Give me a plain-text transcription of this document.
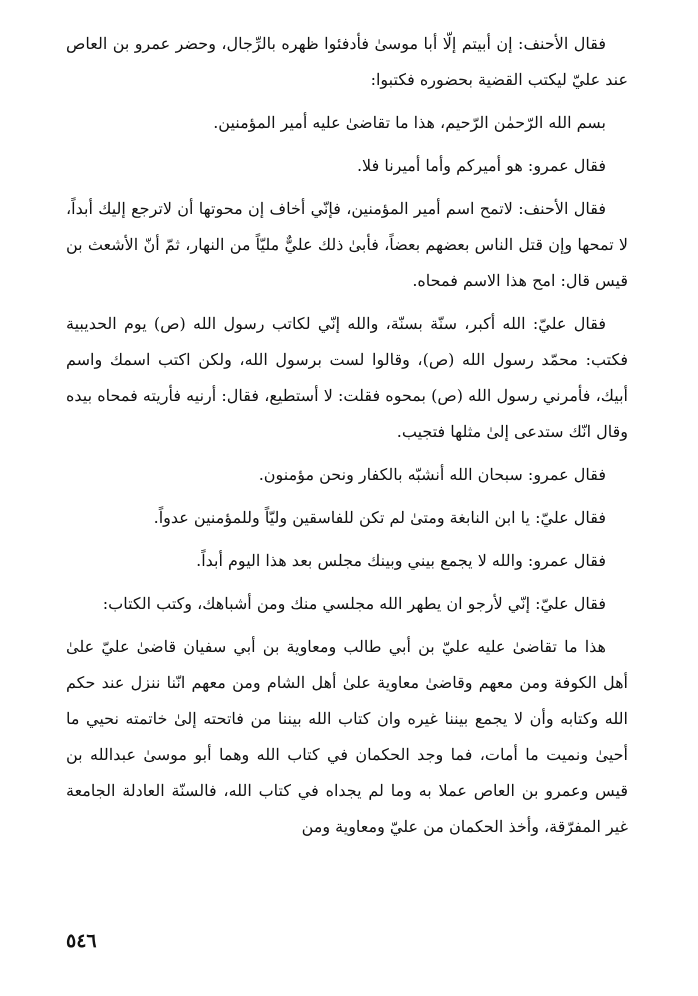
فقال الأحنف: إن أبيتم إلّا أبا موسىٰ فأدفئوا ظهره بالرِّجال، وحضر عمرو بن العاص عند عليّ ليكتب القضية بحضوره فكتبوا:

بسم الله الرّحمٰن الرّحيم، هذا ما تقاضىٰ عليه أمير المؤمنين.

فقال عمرو: هو أميركم وأما أميرنا فلا.

فقال الأحنف: لاتمح اسم أمير المؤمنين، فإنّي أخاف إن محوتها أن لاترجع إليك أبداً، لا تمحها وإن قتل الناس بعضهم بعضاً، فأبىٰ ذلك عليٌّ مليّاً من النهار، ثمّ أنّ الأشعث بن قيس قال: امح هذا الاسم فمحاه.

فقال عليّ: الله أكبر، سنّة بسنّة، والله إنّي لكاتب رسول الله (ص) يوم الحديبية فكتب: محمّد رسول الله (ص)، وقالوا لست برسول الله، ولكن اكتب اسمك واسم أبيك، فأمرني رسول الله (ص) بمحوه فقلت: لا أستطيع، فقال: أرنيه فأريته فمحاه بيده وقال انّك ستدعى إلىٰ مثلها فتجيب.

فقال عمرو: سبحان الله أنشبّه بالكفار ونحن مؤمنون.

فقال عليّ: يا ابن النابغة ومتىٰ لم تكن للفاسقين وليّاً وللمؤمنين عدواً.

فقال عمرو: والله لا يجمع بيني وبينك مجلس بعد هذا اليوم أبداً.

فقال عليّ: إنّي لأرجو ان يطهر الله مجلسي منك ومن أشباهك، وكتب الكتاب:

هذا ما تقاضىٰ عليه عليّ بن أبي طالب ومعاوية بن أبي سفيان قاضىٰ عليّ علىٰ أهل الكوفة ومن معهم وقاضىٰ معاوية علىٰ أهل الشام ومن معهم انّنا ننزل عند حكم الله وكتابه وأن لا يجمع بيننا غيره وان كتاب الله بيننا من فاتحته إلىٰ خاتمته نحيي ما أحيىٰ ونميت ما أمات، فما وجد الحكمان في كتاب الله وهما أبو موسىٰ عبدالله بن قيس وعمرو بن العاص عملا به وما لم يجداه في كتاب الله، فالسنّة العادلة الجامعة غير المفرّقة، وأخذ الحكمان من عليّ ومعاوية ومن

٥٤٦
